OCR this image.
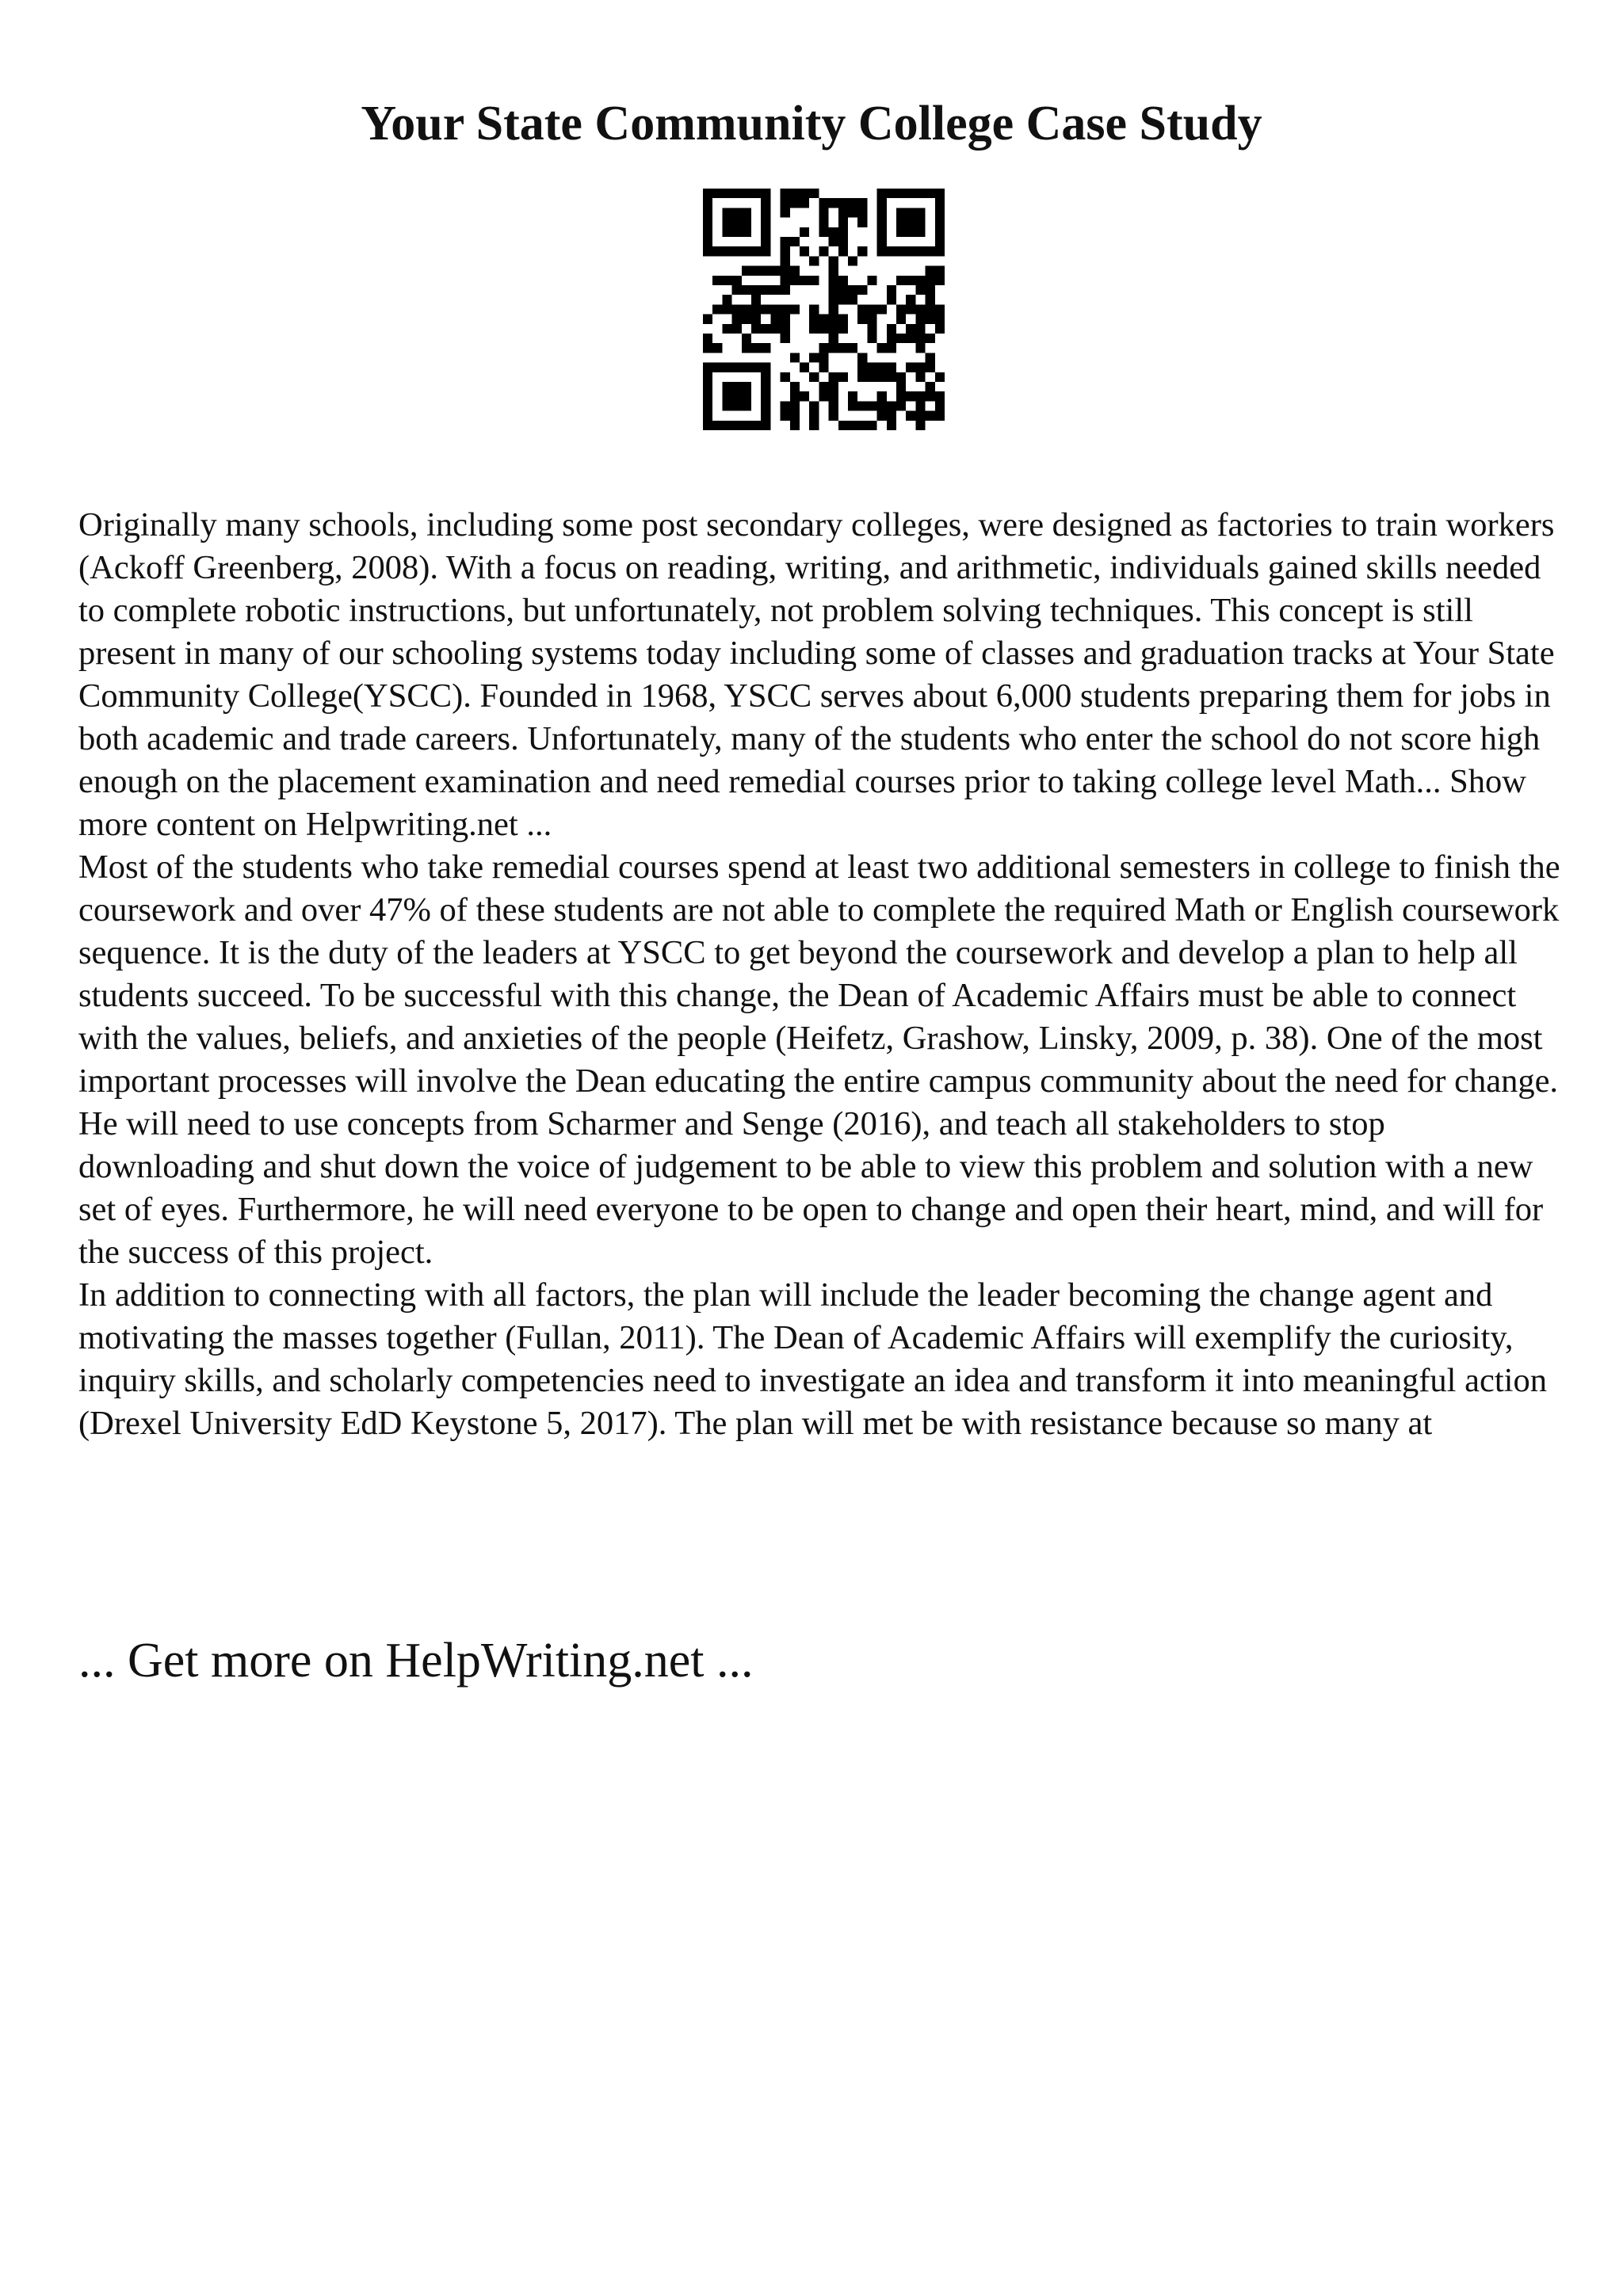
Your State Community College Case Study

Originally many schools, including some post secondary colleges, were designed as factories to train workers (Ackoff Greenberg, 2008). With a focus on reading, writing, and arithmetic, individuals gained skills needed to complete robotic instructions, but unfortunately, not problem solving techniques. This concept is still present in many of our schooling systems today including some of classes and graduation tracks at Your State Community College(YSCC). Founded in 1968, YSCC serves about 6,000 students preparing them for jobs in both academic and trade careers. Unfortunately, many of the students who enter the school do not score high enough on the placement examination and need remedial courses prior to taking college level Math... Show more content on Helpwriting.net ...

Most of the students who take remedial courses spend at least two additional semesters in college to finish the coursework and over 47% of these students are not able to complete the required Math or English coursework sequence. It is the duty of the leaders at YSCC to get beyond the coursework and develop a plan to help all students succeed. To be successful with this change, the Dean of Academic Affairs must be able to connect with the values, beliefs, and anxieties of the people (Heifetz, Grashow, Linsky, 2009, p. 38). One of the most important processes will involve the Dean educating the entire campus community about the need for change. He will need to use concepts from Scharmer and Senge (2016), and teach all stakeholders to stop downloading and shut down the voice of judgement to be able to view this problem and solution with a new set of eyes. Furthermore, he will need everyone to be open to change and open their heart, mind, and will for the success of this project.

In addition to connecting with all factors, the plan will include the leader becoming the change agent and motivating the masses together (Fullan, 2011). The Dean of Academic Affairs will exemplify the curiosity, inquiry skills, and scholarly competencies need to investigate an idea and transform it into meaningful action (Drexel University EdD Keystone 5, 2017). The plan will met be with resistance because so many at

... Get more on HelpWriting.net ...
